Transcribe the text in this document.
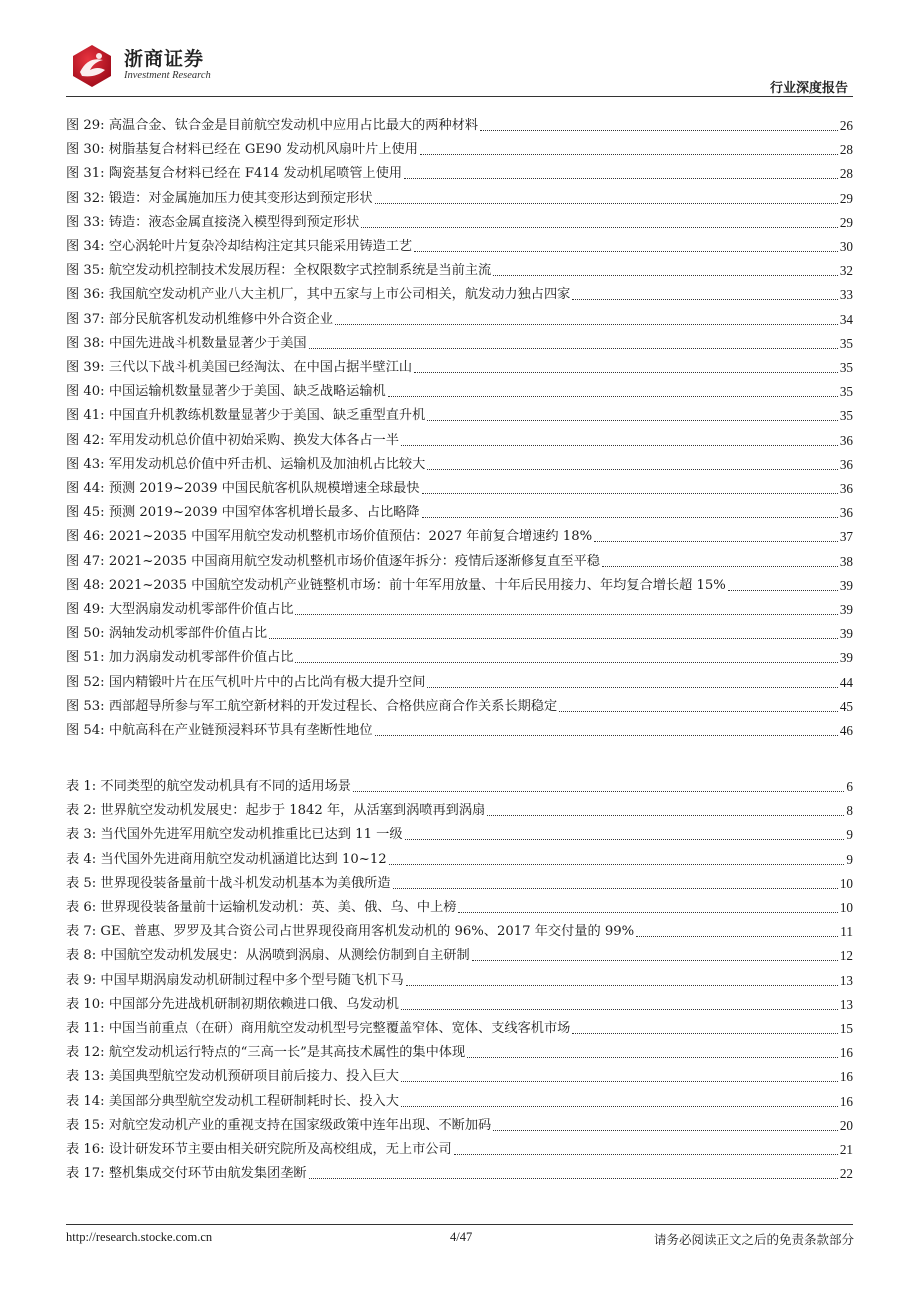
浙商证券
Investment Research
行业深度报告
图 29:
高温合金、钛合金是目前航空发动机中应用占比最大的两种材料	26
图 30:
树脂基复合材料已经在 GE90 发动机风扇叶片上使用	28
图 31:
陶瓷基复合材料已经在 F414 发动机尾喷管上使用	28
图 32:
锻造：对金属施加压力使其变形达到预定形状	29
图 33:
铸造：液态金属直接浇入模型得到预定形状	29
图 34:
空心涡轮叶片复杂冷却结构注定其只能采用铸造工艺	30
图 35:
航空发动机控制技术发展历程：全权限数字式控制系统是当前主流	32
图 36:
我国航空发动机产业八大主机厂，其中五家与上市公司相关，航发动力独占四家	33
图 37:
部分民航客机发动机维修中外合资企业	34
图 38:
中国先进战斗机数量显著少于美国	35
图 39:
三代以下战斗机美国已经淘汰、在中国占据半壁江山	35
图 40:
中国运输机数量显著少于美国、缺乏战略运输机	35
图 41:
中国直升机教练机数量显著少于美国、缺乏重型直升机	35
图 42:
军用发动机总价值中初始采购、换发大体各占一半	36
图 43:
军用发动机总价值中歼击机、运输机及加油机占比较大	36
图 44:
预测 2019~2039 中国民航客机队规模增速全球最快	36
图 45:
预测 2019~2039 中国窄体客机增长最多、占比略降	36
图 46:
2021~2035 中国军用航空发动机整机市场价值预估：2027 年前复合增速约 18%	37
图 47:
2021~2035 中国商用航空发动机整机市场价值逐年拆分：疫情后逐渐修复直至平稳	38
图 48:
2021~2035 中国航空发动机产业链整机市场：前十年军用放量、十年后民用接力、年均复合增长超 15%	39
图 49:
大型涡扇发动机零部件价值占比	39
图 50:
涡轴发动机零部件价值占比	39
图 51:
加力涡扇发动机零部件价值占比	39
图 52:
国内精锻叶片在压气机叶片中的占比尚有极大提升空间	44
图 53:
西部超导所参与军工航空新材料的开发过程长、合格供应商合作关系长期稳定	45
图 54:
中航高科在产业链预浸料环节具有垄断性地位	46
表 1:
不同类型的航空发动机具有不同的适用场景	6
表 2:
世界航空发动机发展史：起步于 1842 年，从活塞到涡喷再到涡扇	8
表 3:
当代国外先进军用航空发动机推重比已达到 11 一级	9
表 4:
当代国外先进商用航空发动机涵道比达到 10~12	9
表 5:
世界现役装备量前十战斗机发动机基本为美俄所造	10
表 6:
世界现役装备量前十运输机发动机：英、美、俄、乌、中上榜	10
表 7:
GE、普惠、罗罗及其合资公司占世界现役商用客机发动机的 96%、2017 年交付量的 99%	11
表 8:
中国航空发动机发展史：从涡喷到涡扇、从测绘仿制到自主研制	12
表 9:
中国早期涡扇发动机研制过程中多个型号随飞机下马	13
表 10:
中国部分先进战机研制初期依赖进口俄、乌发动机	13
表 11:
中国当前重点（在研）商用航空发动机型号完整覆盖窄体、宽体、支线客机市场	15
表 12:
航空发动机运行特点的“三高一长”是其高技术属性的集中体现	16
表 13:
美国典型航空发动机预研项目前后接力、投入巨大	16
表 14:
美国部分典型航空发动机工程研制耗时长、投入大	16
表 15:
对航空发动机产业的重视支持在国家级政策中连年出现、不断加码	20
表 16:
设计研发环节主要由相关研究院所及高校组成，无上市公司	21
表 17:
整机集成交付环节由航发集团垄断	22
http://research.stocke.com.cn	4/47	请务必阅读正文之后的免责条款部分
